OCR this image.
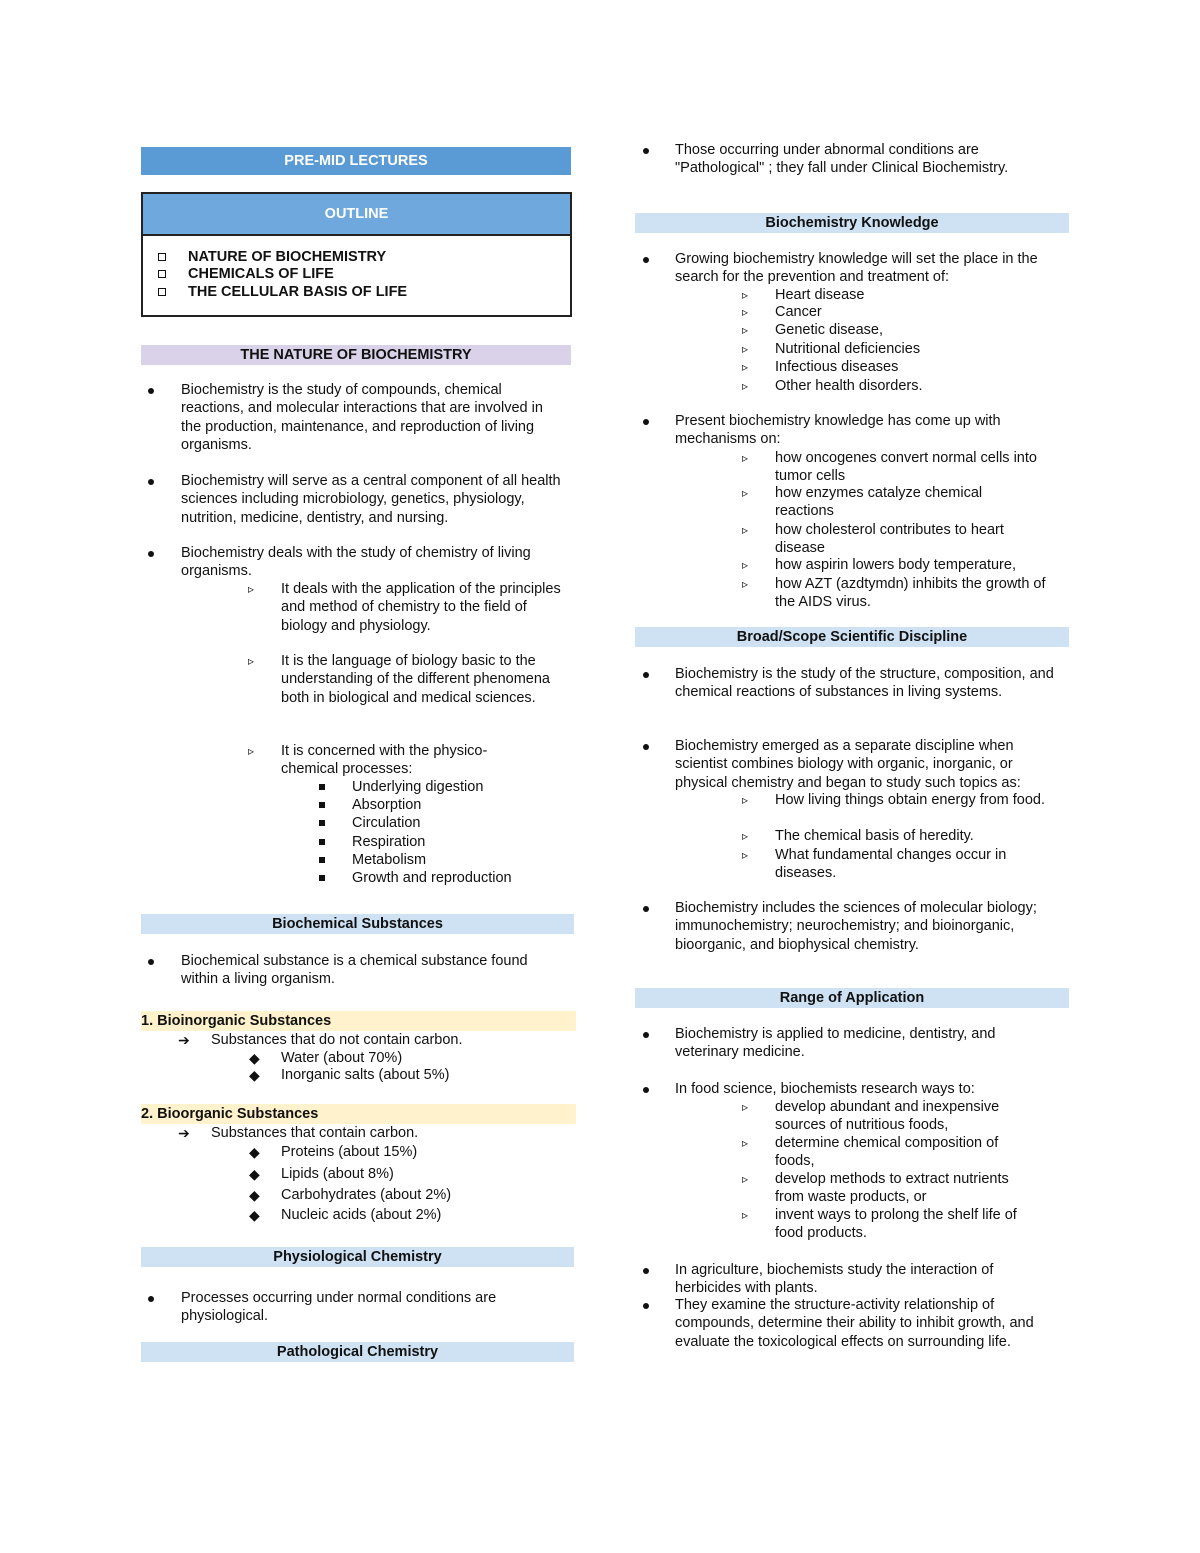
PRE-MID LECTURES
OUTLINE
NATURE OF BIOCHEMISTRY
CHEMICALS OF LIFE
THE CELLULAR BASIS OF LIFE
THE NATURE OF BIOCHEMISTRY
Biochemistry is the study of compounds, chemical reactions, and molecular interactions that are involved in the production, maintenance, and reproduction of living organisms.
Biochemistry will serve as a central component of all health sciences including microbiology, genetics, physiology, nutrition, medicine, dentistry, and nursing.
Biochemistry deals with the study of chemistry of living organisms.
▹ It deals with the application of the principles and method of chemistry to the field of biology and physiology.
▹ It is the language of biology basic to the understanding of the different phenomena both in biological and medical sciences.
▹ It is concerned with the physico-chemical processes:
Underlying digestion
Absorption
Circulation
Respiration
Metabolism
Growth and reproduction
Biochemical Substances
Biochemical substance is a chemical substance found within a living organism.
1. Bioinorganic Substances
➔ Substances that do not contain carbon.
◆ Water (about 70%)
◆ Inorganic salts (about 5%)
2. Bioorganic Substances
➔ Substances that contain carbon.
◆ Proteins (about 15%)
◆ Lipids (about 8%)
◆ Carbohydrates (about 2%)
◆ Nucleic acids (about 2%)
Physiological Chemistry
Processes occurring under normal conditions are physiological.
Pathological Chemistry
Those occurring under abnormal conditions are "Pathological" ; they fall under Clinical Biochemistry.
Biochemistry Knowledge
Growing biochemistry knowledge will set the place in the search for the prevention and treatment of:
▹ Heart disease
▹ Cancer
▹ Genetic disease,
▹ Nutritional deficiencies
▹ Infectious diseases
▹ Other health disorders.
Present biochemistry knowledge has come up with mechanisms on:
▹ how oncogenes convert normal cells into tumor cells
▹ how enzymes catalyze chemical reactions
▹ how cholesterol contributes to heart disease
▹ how aspirin lowers body temperature,
▹ how AZT (azdtymdn) inhibits the growth of the AIDS virus.
Broad/Scope Scientific Discipline
Biochemistry is the study of the structure, composition, and chemical reactions of substances in living systems.
Biochemistry emerged as a separate discipline when scientist combines biology with organic, inorganic, or physical chemistry and began to study such topics as:
▹ How living things obtain energy from food.
▹ The chemical basis of heredity.
▹ What fundamental changes occur in diseases.
Biochemistry includes the sciences of molecular biology; immunochemistry; neurochemistry; and bioinorganic, bioorganic, and biophysical chemistry.
Range of Application
Biochemistry is applied to medicine, dentistry, and veterinary medicine.
In food science, biochemists research ways to:
▹ develop abundant and inexpensive sources of nutritious foods,
▹ determine chemical composition of foods,
▹ develop methods to extract nutrients from waste products, or
▹ invent ways to prolong the shelf life of food products.
In agriculture, biochemists study the interaction of herbicides with plants.
They examine the structure-activity relationship of compounds, determine their ability to inhibit growth, and evaluate the toxicological effects on surrounding life.
